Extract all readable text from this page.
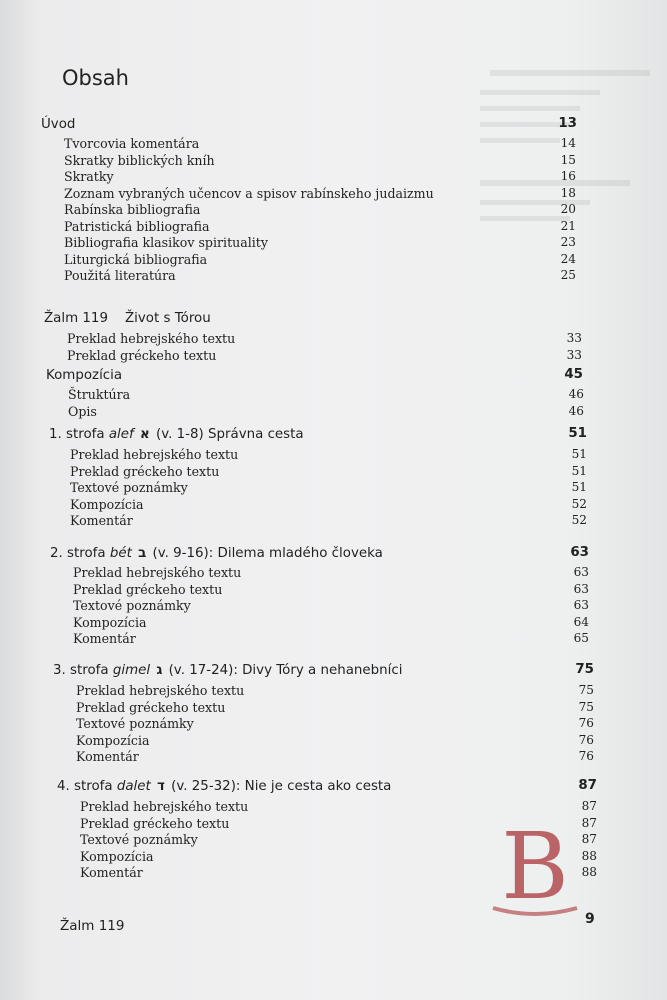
Obsah
Úvod	13
Tvorcovia komentára	14
Skratky biblických kníh	15
Skratky	16
Zoznam vybraných učencov a spisov rabínskeho judaizmu	18
Rabínska bibliografia	20
Patristická bibliografia	21
Bibliografia klasikov spirituality	23
Liturgická bibliografia	24
Použitá literatúra	25
Žalm 119    Život s Tórou
Preklad hebrejského textu	33
Preklad gréckeho textu	33
Kompozícia	45
Štruktúra	46
Opis	46
1. strofa alef א (v. 1-8) Správna cesta	51
Preklad hebrejského textu	51
Preklad gréckeho textu	51
Textové poznámky	51
Kompozícia	52
Komentár	52
2. strofa bét ב (v. 9-16): Dilema mladého človeka	63
Preklad hebrejského textu	63
Preklad gréckeho textu	63
Textové poznámky	63
Kompozícia	64
Komentár	65
3. strofa gimel ג (v. 17-24): Divy Tóry a nehanebníci	75
Preklad hebrejského textu	75
Preklad gréckeho textu	75
Textové poznámky	76
Kompozícia	76
Komentár	76
4. strofa dalet ד (v. 25-32): Nie je cesta ako cesta	87
Preklad hebrejského textu	87
Preklad gréckeho textu	87
Textové poznámky	87
Kompozícia	88
Komentár	88
Žalm 119	9
B
